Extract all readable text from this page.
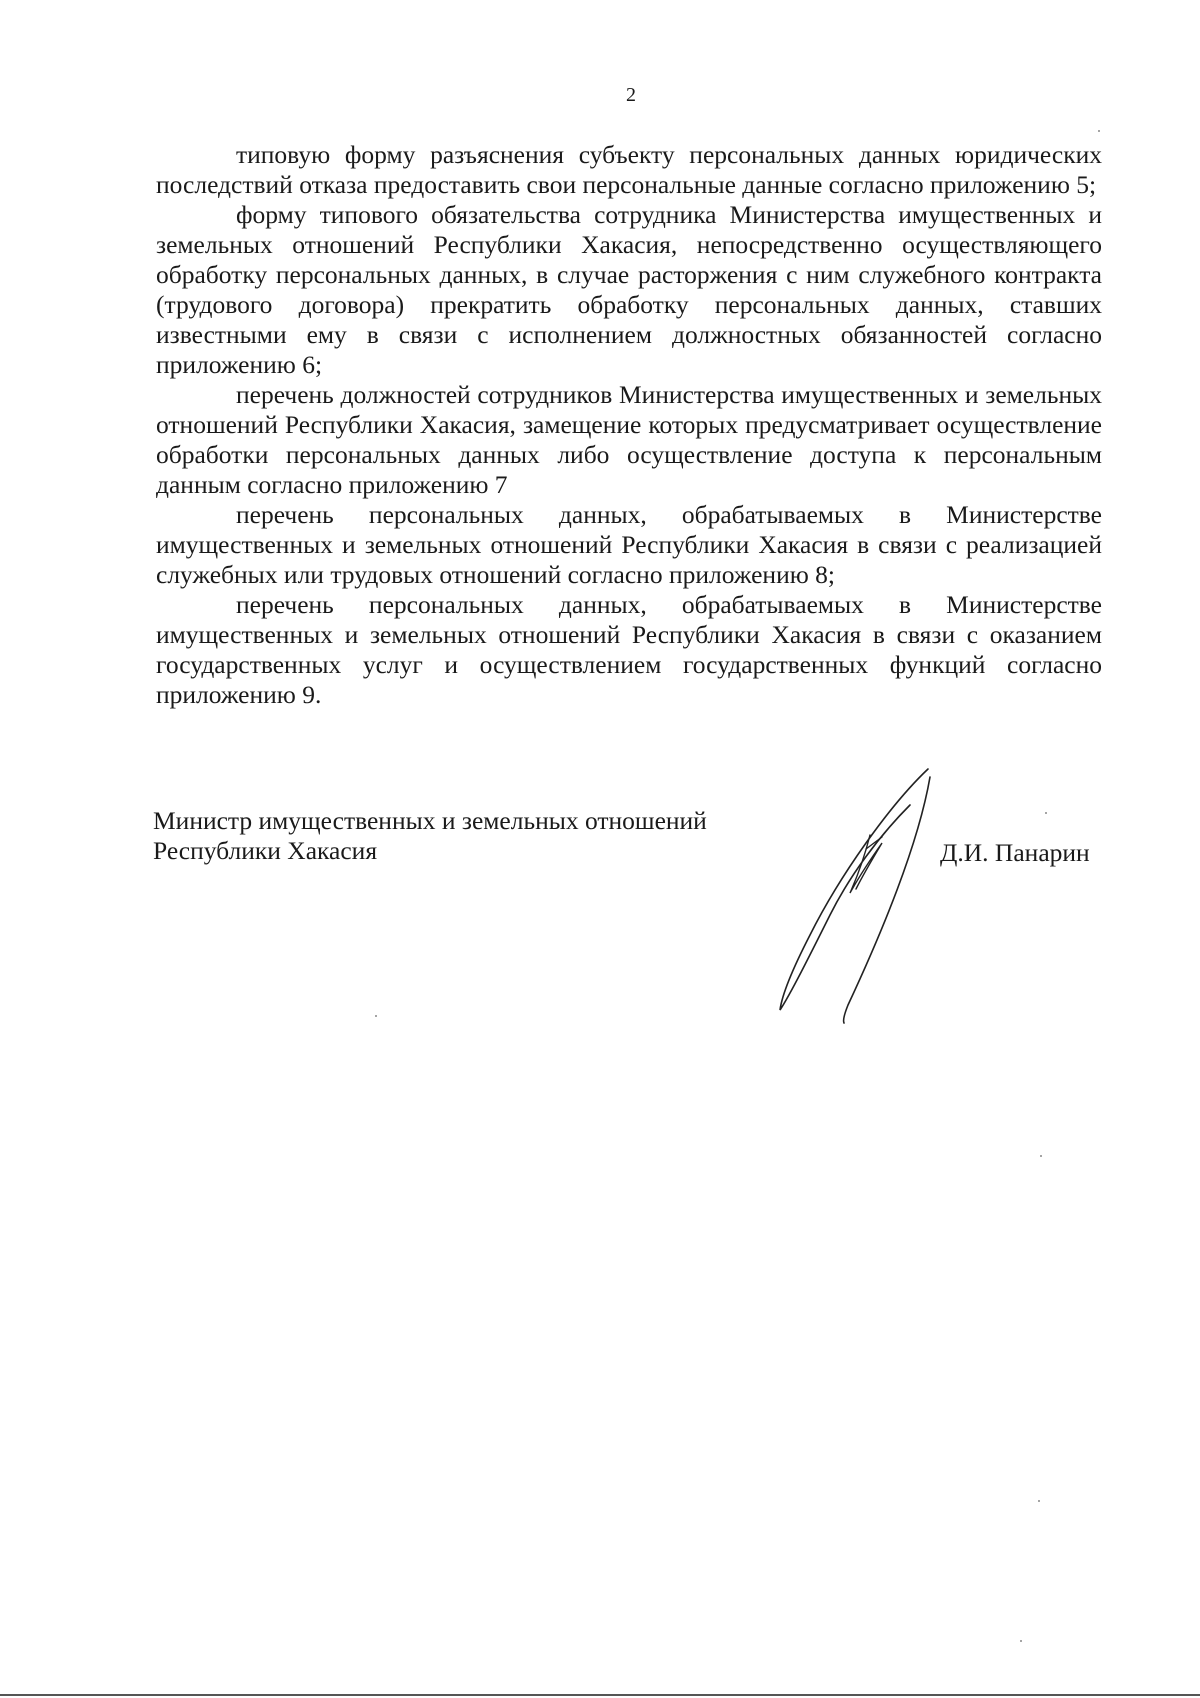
2

типовую форму разъяснения субъекту персональных данных юридических последствий отказа предоставить свои персональные данные согласно приложению 5;

форму типового обязательства сотрудника Министерства имущественных и земельных отношений Республики Хакасия, непосредственно осуществляющего обработку персональных данных, в случае расторжения с ним служебного контракта (трудового договора) прекратить обработку персональных данных, ставших известными ему в связи с исполнением должностных обязанностей согласно приложению 6;

перечень должностей сотрудников Министерства имущественных и земельных отношений Республики Хакасия, замещение которых предусматривает осуществление обработки персональных данных либо осуществление доступа к персональным данным согласно приложению 7

перечень персональных данных, обрабатываемых в Министерстве имущественных и земельных отношений Республики Хакасия в связи с реализацией служебных или трудовых отношений согласно приложению 8;

перечень персональных данных, обрабатываемых в Министерстве имущественных и земельных отношений Республики Хакасия в связи с оказанием государственных услуг и осуществлением государственных функций согласно приложению 9.

Министр имущественных и земельных отношений
Республики Хакасия	Д.И. Панарин
